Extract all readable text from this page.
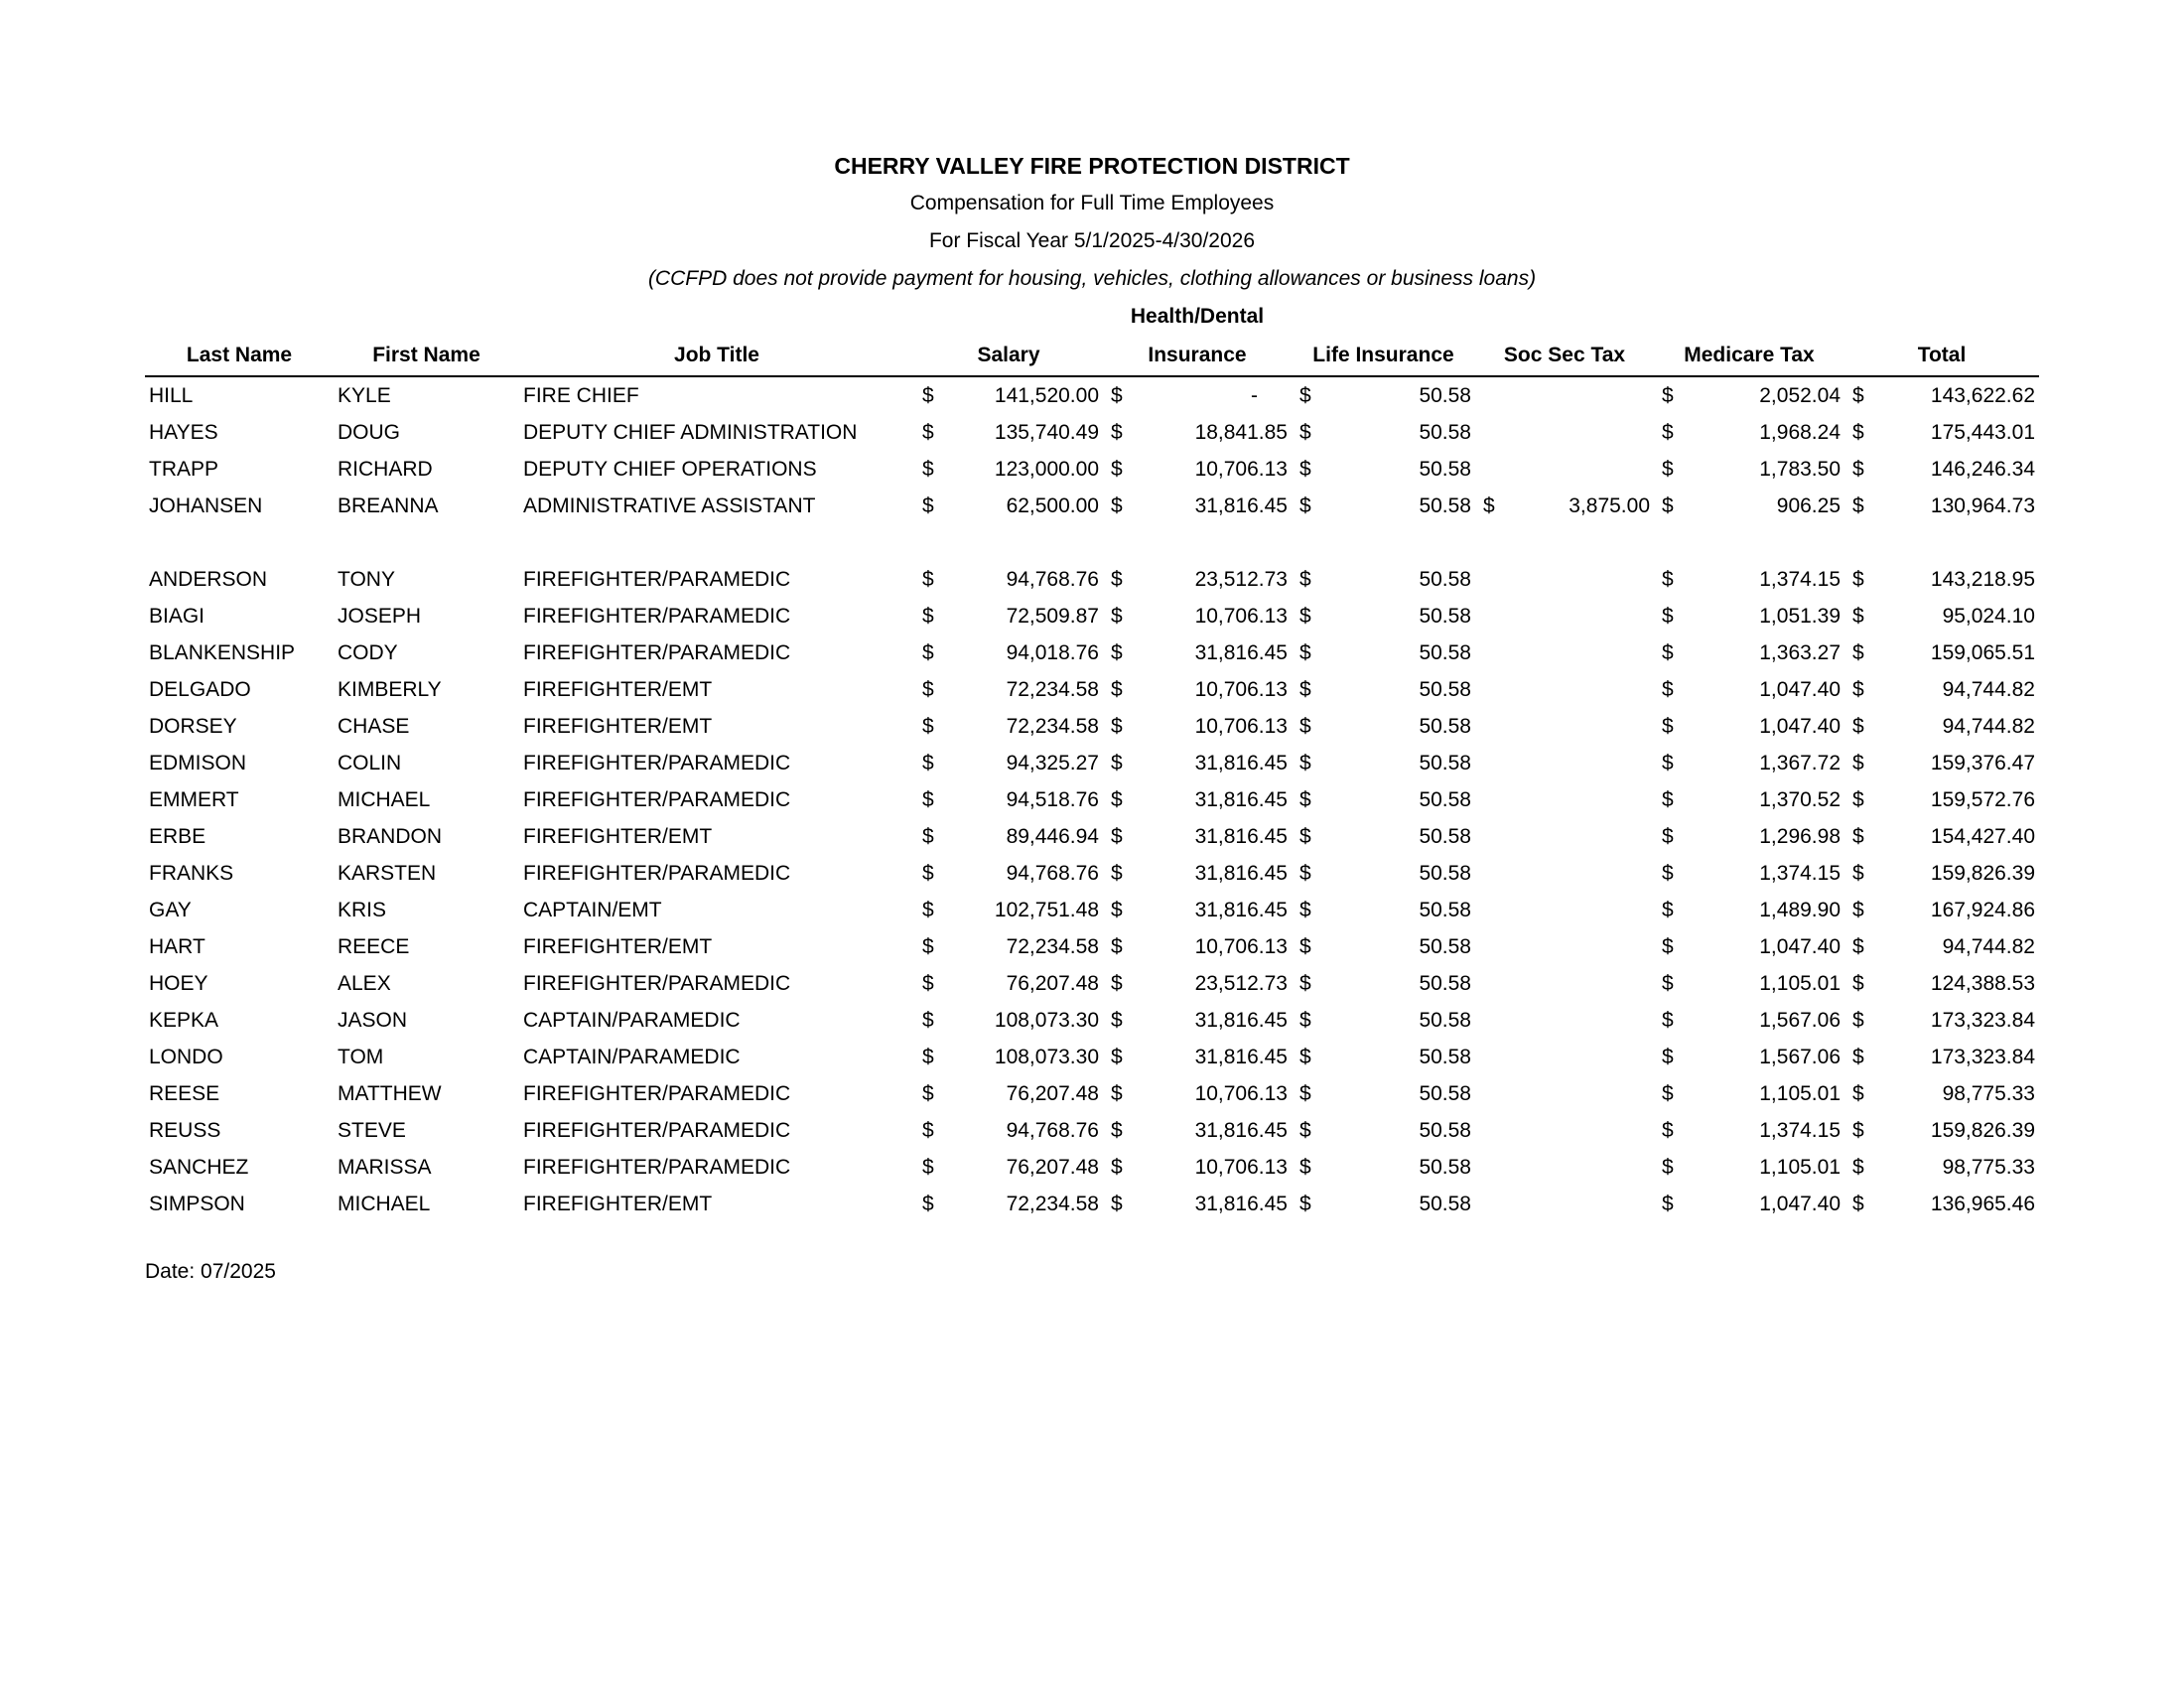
CHERRY VALLEY FIRE PROTECTION DISTRICT
Compensation for Full Time Employees
For Fiscal Year 5/1/2025-4/30/2026
(CCFPD does not provide payment for housing, vehicles, clothing allowances or business loans)
				Health/Dental				
Last Name	First Name	Job Title	Salary	Insurance	Life Insurance	Soc Sec Tax	Medicare Tax	Total
HILL	KYLE	FIRE CHIEF	$ 141,520.00	$ -	$ 50.58		$ 2,052.04	$ 143,622.62
HAYES	DOUG	DEPUTY CHIEF ADMINISTRATION	$ 135,740.49	$ 18,841.85	$ 50.58		$ 1,968.24	$ 175,443.01
TRAPP	RICHARD	DEPUTY CHIEF OPERATIONS	$ 123,000.00	$ 10,706.13	$ 50.58		$ 1,783.50	$ 146,246.34
JOHANSEN	BREANNA	ADMINISTRATIVE ASSISTANT	$ 62,500.00	$ 31,816.45	$ 50.58	$ 3,875.00	$ 906.25	$ 130,964.73

ANDERSON	TONY	FIREFIGHTER/PARAMEDIC	$ 94,768.76	$ 23,512.73	$ 50.58		$ 1,374.15	$ 143,218.95
BIAGI	JOSEPH	FIREFIGHTER/PARAMEDIC	$ 72,509.87	$ 10,706.13	$ 50.58		$ 1,051.39	$ 95,024.10
BLANKENSHIP	CODY	FIREFIGHTER/PARAMEDIC	$ 94,018.76	$ 31,816.45	$ 50.58		$ 1,363.27	$ 159,065.51
DELGADO	KIMBERLY	FIREFIGHTER/EMT	$ 72,234.58	$ 10,706.13	$ 50.58		$ 1,047.40	$ 94,744.82
DORSEY	CHASE	FIREFIGHTER/EMT	$ 72,234.58	$ 10,706.13	$ 50.58		$ 1,047.40	$ 94,744.82
EDMISON	COLIN	FIREFIGHTER/PARAMEDIC	$ 94,325.27	$ 31,816.45	$ 50.58		$ 1,367.72	$ 159,376.47
EMMERT	MICHAEL	FIREFIGHTER/PARAMEDIC	$ 94,518.76	$ 31,816.45	$ 50.58		$ 1,370.52	$ 159,572.76
ERBE	BRANDON	FIREFIGHTER/EMT	$ 89,446.94	$ 31,816.45	$ 50.58		$ 1,296.98	$ 154,427.40
FRANKS	KARSTEN	FIREFIGHTER/PARAMEDIC	$ 94,768.76	$ 31,816.45	$ 50.58		$ 1,374.15	$ 159,826.39
GAY	KRIS	CAPTAIN/EMT	$ 102,751.48	$ 31,816.45	$ 50.58		$ 1,489.90	$ 167,924.86
HART	REECE	FIREFIGHTER/EMT	$ 72,234.58	$ 10,706.13	$ 50.58		$ 1,047.40	$ 94,744.82
HOEY	ALEX	FIREFIGHTER/PARAMEDIC	$ 76,207.48	$ 23,512.73	$ 50.58		$ 1,105.01	$ 124,388.53
KEPKA	JASON	CAPTAIN/PARAMEDIC	$ 108,073.30	$ 31,816.45	$ 50.58		$ 1,567.06	$ 173,323.84
LONDO	TOM	CAPTAIN/PARAMEDIC	$ 108,073.30	$ 31,816.45	$ 50.58		$ 1,567.06	$ 173,323.84
REESE	MATTHEW	FIREFIGHTER/PARAMEDIC	$ 76,207.48	$ 10,706.13	$ 50.58		$ 1,105.01	$ 98,775.33
REUSS	STEVE	FIREFIGHTER/PARAMEDIC	$ 94,768.76	$ 31,816.45	$ 50.58		$ 1,374.15	$ 159,826.39
SANCHEZ	MARISSA	FIREFIGHTER/PARAMEDIC	$ 76,207.48	$ 10,706.13	$ 50.58		$ 1,105.01	$ 98,775.33
SIMPSON	MICHAEL	FIREFIGHTER/EMT	$ 72,234.58	$ 31,816.45	$ 50.58		$ 1,047.40	$ 136,965.46
Date: 07/2025
